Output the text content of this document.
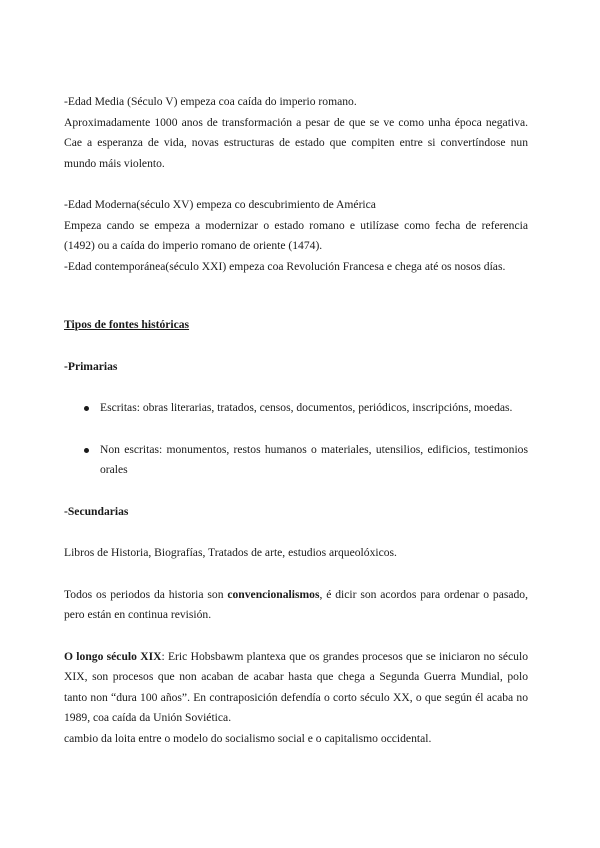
-Edad Media (Século V) empeza coa caída do imperio romano.

Aproximadamente 1000 anos de transformación a pesar de que se ve como unha época negativa. Cae a esperanza de vida, novas estructuras de estado que compiten entre si convertíndose nun mundo máis violento.

-Edad Moderna(século XV) empeza co descubrimiento de América

Empeza cando se empeza a modernizar o estado romano e utilízase como fecha de referencia (1492) ou a caída do imperio romano de oriente (1474).

-Edad contemporánea(século XXI) empeza coa Revolución Francesa e chega até os nosos días.

Tipos de fontes históricas

-Primarias

Escritas: obras literarias, tratados, censos, documentos, periódicos, inscripcións, moedas.
Non escritas: monumentos, restos humanos o materiales, utensilios, edificios, testimonios orales

-Secundarias

Libros de Historia, Biografías, Tratados de arte, estudios arqueolóxicos.

Todos os periodos da historia son convencionalismos, é dicir son acordos para ordenar o pasado, pero están en continua revisión.

O longo século XIX: Eric Hobsbawm plantexa que os grandes procesos que se iniciaron no século XIX, son procesos que non acaban de acabar hasta que chega a Segunda Guerra Mundial, polo tanto non “dura 100 años”. En contraposición defendía o corto século XX, o que según él acaba no 1989, coa caída da Unión Soviética.

cambio da loita entre o modelo do socialismo social e o capitalismo occidental.
